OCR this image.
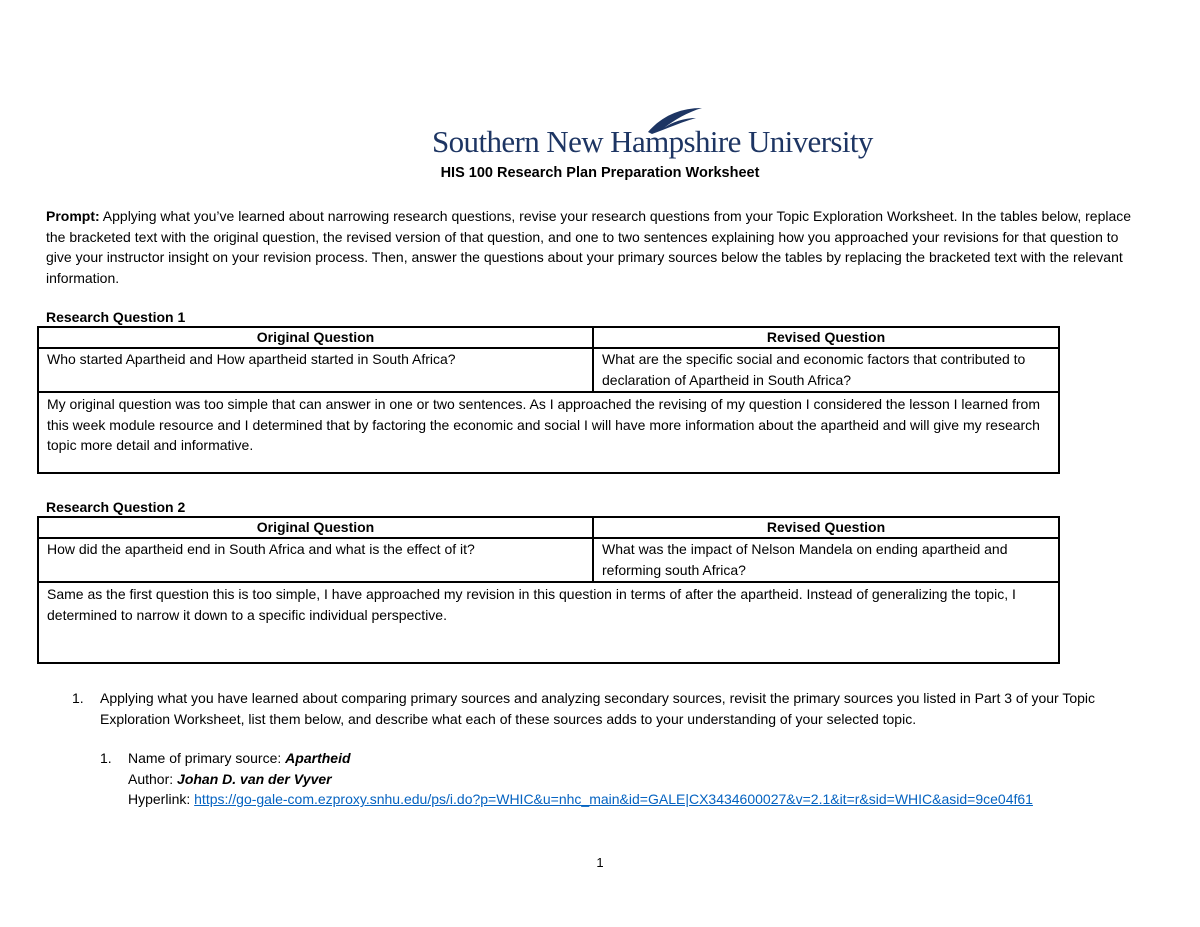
Southern New Hampshire University
HIS 100 Research Plan Preparation Worksheet
Prompt: Applying what you’ve learned about narrowing research questions, revise your research questions from your Topic Exploration Worksheet. In the tables below, replace the bracketed text with the original question, the revised version of that question, and one to two sentences explaining how you approached your revisions for that question to give your instructor insight on your revision process. Then, answer the questions about your primary sources below the tables by replacing the bracketed text with the relevant information.
Research Question 1
Original Question	Revised Question
Who started Apartheid and How apartheid started in South Africa?	What are the specific social and economic factors that contributed to declaration of Apartheid in South Africa?
My original question was too simple that can answer in one or two sentences. As I approached the revising of my question I considered the lesson I learned from this week module resource and I determined that by factoring the economic and social I will have more information about the apartheid and will give my research topic more detail and informative.	
Research Question 2
Original Question	Revised Question
How did the apartheid end in South Africa and what is the effect of it?	What was the impact of Nelson Mandela on ending apartheid and reforming south Africa?
Same as the first question this is too simple, I have approached my revision in this question in terms of after the apartheid. Instead of generalizing the topic, I determined to narrow it down to a specific individual perspective.	
1. Applying what you have learned about comparing primary sources and analyzing secondary sources, revisit the primary sources you listed in Part 3 of your Topic Exploration Worksheet, list them below, and describe what each of these sources adds to your understanding of your selected topic.
1. Name of primary source: Apartheid
Author: Johan D. van der Vyver
Hyperlink: https://go-gale-com.ezproxy.snhu.edu/ps/i.do?p=WHIC&u=nhc_main&id=GALE|CX3434600027&v=2.1&it=r&sid=WHIC&asid=9ce04f61
1
